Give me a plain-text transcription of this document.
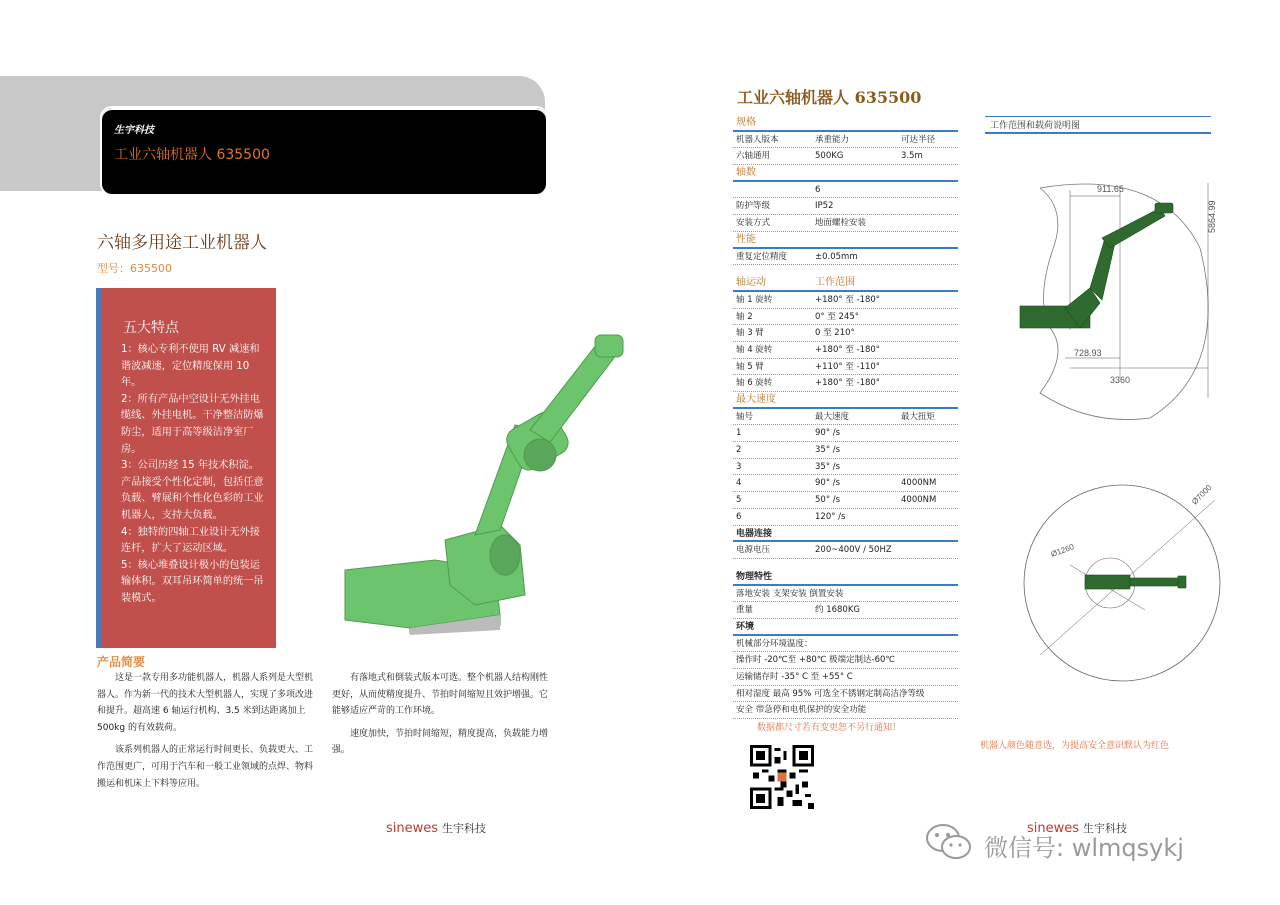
生宇科技
工业六轴机器人 635500
六轴多用途工业机器人
型号：635500
五大特点

1：核心专利不使用 RV 减速和谐波减速，定位精度保用 10 年。

2：所有产品中空设计无外挂电缆线、外挂电机。干净整洁防爆防尘，适用于高等级洁净室厂房。

3：公司历经 15 年技术积淀。产品接受个性化定制，包括任意负载、臂展和个性化色彩的工业机器人，支持大负载。

4：独特的四轴工业设计无外接连杆，扩大了运动区域。

5：核心堆叠设计极小的包装运输体积。双耳吊环简单的统一吊装模式。

产品简要

这是一款专用多功能机器人，机器人系列是大型机器人。作为新一代的技术大型机器人，实现了多项改进和提升。超高速 6 轴运行机构、3.5 米到达距离加上 500kg 的有效载荷。

该系列机器人的正常运行时间更长、负载更大、工作范围更广，可用于汽车和一般工业领域的点焊、物料搬运和机床上下料等应用。

有落地式和倒装式版本可选。整个机器人结构刚性更好，从而使精度提升、节拍时间缩短且效护增强。它能够适应严苛的工作环境。

速度加快，节拍时间缩短，精度提高，负载能力增强。

sinewes 生宇科技
工业六轴机器人 635500
规格
机器人版本	承重能力	可达半径
六轴通用	500KG	3.5m
轴数
6
防护等级	IP52
安装方式	地面螺栓安装
性能
重复定位精度	±0.05mm
轴运动	工作范围
轴 1 旋转	+180° 至 -180°
轴 2	0° 至 245°
轴 3 臂	0 至 210°
轴 4 旋转	+180° 至 -180°
轴 5 臂	+110° 至 -110°
轴 6 旋转	+180° 至 -180°
最大速度
轴号	最大速度	最大扭矩
1	90° /s
2	35° /s
3	35° /s
4	90° /s	4000NM
5	50° /s	4000NM
6	120° /s
电器连接
电源电压	200~400V / 50HZ
物理特性
落地安装 支架安装 倒置安装
重量	约 1680KG
环境
机械部分环境温度：
操作时 -20℃至 +80℃ 极端定制达-60℃
运输储存时 -35° C 至 +55° C
相对湿度 最高 95% 可选全不锈钢定制高洁净等级
安全 带急停和电机保护的安全功能
数据都尺寸若有变更恕不另行通知！
工作范围和载荷说明图
911.65
5864.99
728.93
3360
Ø7000
Ø1260
机器人颜色随意选，为提高安全意识默认为红色
sinewes 生宇科技
微信号: wlmqsykj
